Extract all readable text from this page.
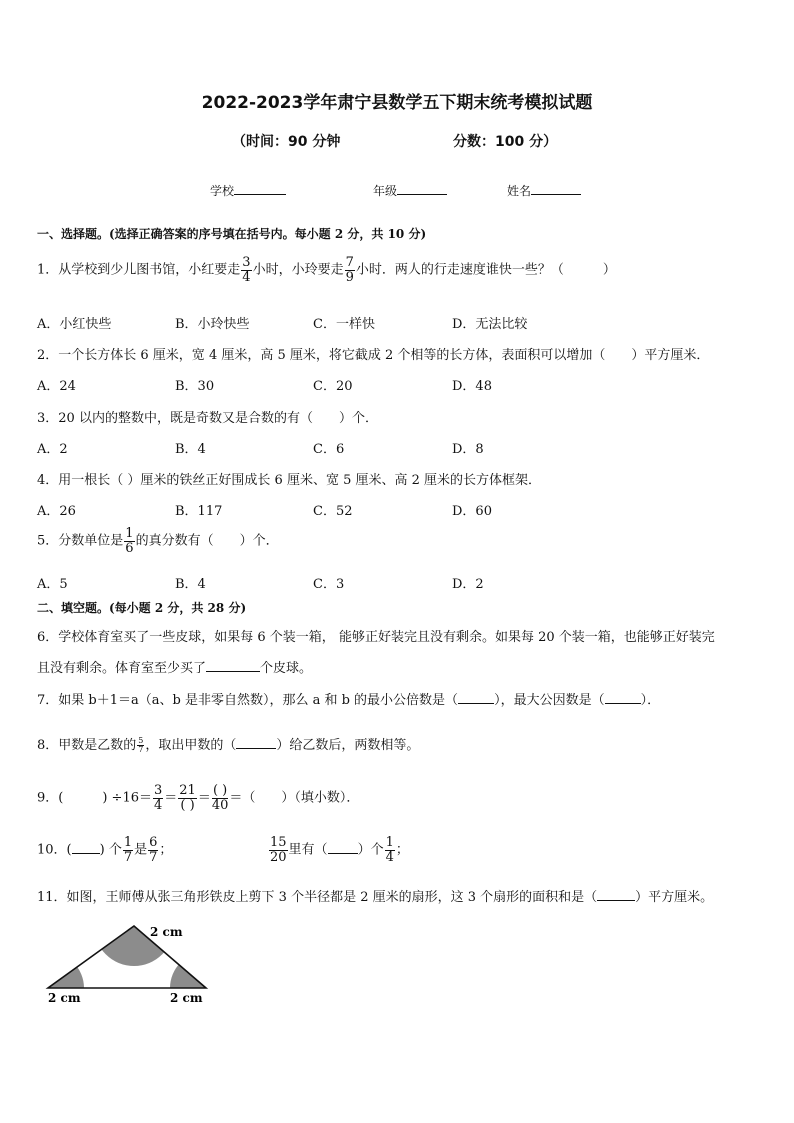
2022-2023学年肃宁县数学五下期末统考模拟试题
（时间：90 分钟	分数：100 分）
学校	年级	姓名
一、选择题。(选择正确答案的序号填在括号内。每小题 2 分，共 10 分)
1．从学校到少儿图书馆，小红要走 $\frac{3}{4}$ 小时，小玲要走 $\frac{7}{9}$ 小时．两人的行走速度谁快一些？（　　　）
A．小红快些	B．小玲快些	C．一样快	D．无法比较
2．一个长方体长 6 厘米，宽 4 厘米，高 5 厘米，将它截成 2 个相等的长方体，表面积可以增加（　　）平方厘米．
A．24	B．30	C．20	D．48
3．20 以内的整数中，既是奇数又是合数的有（　　）个．
A．2	B．4	C．6	D．8
4．用一根长（ ）厘米的铁丝正好围成长 6 厘米、宽 5 厘米、高 2 厘米的长方体框架．
A．26	B．117	C．52	D．60
5．分数单位是 $\frac{1}{6}$ 的真分数有（　　）个．
A．5	B．4	C．3	D．2
二、填空题。(每小题 2 分，共 28 分)
6．学校体育室买了一些皮球，如果每 6 个装一箱， 能够正好装完且没有剩余。如果每 20 个装一箱，也能够正好装完
且没有剩余。体育室至少买了	个皮球。
7．如果 b＋1＝a（a、b 是非零自然数），那么 a 和 b 的最小公倍数是（	），最大公因数是（	）．
8．甲数是乙数的 $\frac{5}{7}$ ，取出甲数的（	）给乙数后，两数相等。
9．(　　　) $\div 16= \frac{3}{4} = \frac{21}{( )} = \frac{( )}{40}$ ＝（　　）（填小数）．
10．( ) 个 $\frac{1}{7}$ 是 $\frac{6}{7}$ ；	$\frac{15}{20}$ 里有（ ）个 $\frac{1}{4}$ ；
11．如图，王师傅从张三角形铁皮上剪下 3 个半径都是 2 厘米的扇形，这 3 个扇形的面积和是（	）平方厘米。
2 cm
2 cm	2 cm
